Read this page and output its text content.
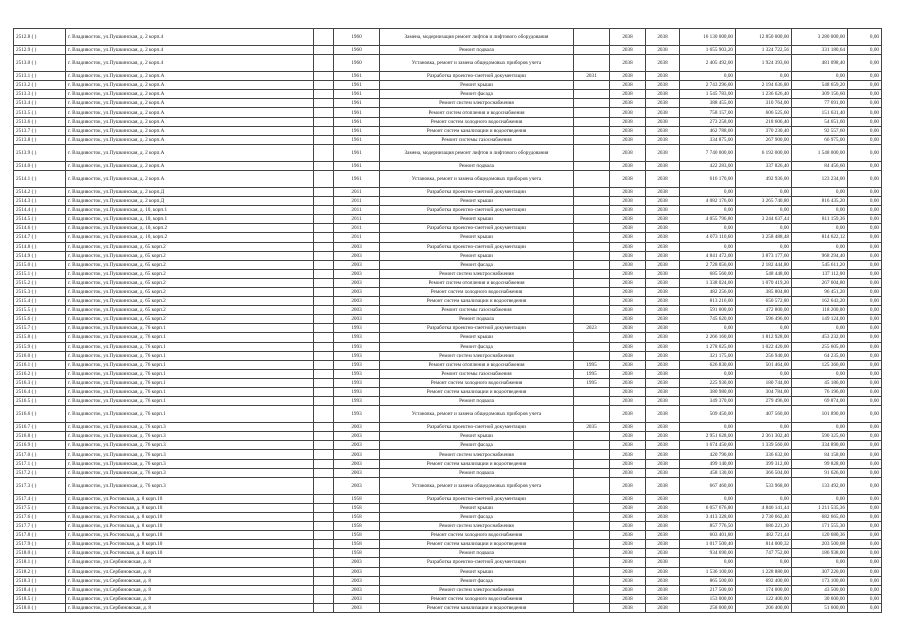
2512.8 ( )	г. Владивосток, ул.Пушкинская, д. 2 корп.4		1960	Замена, модернизация ремонт лифтов и лифтового оборудования		2038	2038	16 130 000,00	12 850 000,00	3 280 000,00	0,00
2512.9 ( )	г. Владивосток, ул.Пушкинская, д. 2 корп.4		1960	Ремонт подвала		2038	2038	1 655 903,20	1 324 722,56	331 180,64	0,00
2513.0 ( )	г. Владивосток, ул.Пушкинская, д. 2 корп.4		1960	Установка, ремонт и замена общедомовых приборов учета		2038	2038	2 405 492,00	1 924 393,60	481 098,40	0,00
2513.1 ( )	г. Владивосток, ул.Пушкинская, д. 2 корп.А		1961	Разработка проектно-сметной документации	2031	2038	2038	0,00	0,00	0,00	0,00
2513.2 ( )	г. Владивосток, ул.Пушкинская, д. 2 корп.А		1961	Ремонт крыши		2038	2038	2 743 296,00	2 194 636,80	548 659,20	0,00
2513.3 ( )	г. Владивосток, ул.Пушкинская, д. 2 корп.А		1961	Ремонт фасада		2038	2038	1 545 783,00	1 236 626,40	309 156,60	0,00
2513.4 ( )	г. Владивосток, ул.Пушкинская, д. 2 корп.А		1961	Ремонт систем электроснабжения		2038	2038	388 455,00	310 764,00	77 691,00	0,00
2513.5 ( )	г. Владивосток, ул.Пушкинская, д. 2 корп.А		1961	Ремонт систем отопления и водоснабжения		2038	2038	758 157,00	606 525,60	151 631,40	0,00
2513.6 ( )	г. Владивосток, ул.Пушкинская, д. 2 корп.А		1961	Ремонт систем холодного водоснабжения		2038	2038	273 258,00	218 606,40	54 651,60	0,00
2513.7 ( )	г. Владивосток, ул.Пушкинская, д. 2 корп.А		1961	Ремонт систем канализации и водоотведения		2038	2038	462 788,00	370 230,40	92 557,60	0,00
2513.8 ( )	г. Владивосток, ул.Пушкинская, д. 2 корп.А		1961	Ремонт системы газоснабжения		2038	2038	334 875,00	267 900,00	66 975,00	0,00
2513.9 ( )	г. Владивосток, ул.Пушкинская, д. 2 корп.А		1961	Замена, модернизация ремонт лифтов и лифтового оборудования		2038	2038	7 740 000,00	6 192 000,00	1 548 000,00	0,00
2514.0 ( )	г. Владивосток, ул.Пушкинская, д. 2 корп.А		1961	Ремонт подвала		2038	2038	422 283,00	337 826,40	84 456,60	0,00
2514.1 ( )	г. Владивосток, ул.Пушкинская, д. 2 корп.А		1961	Установка, ремонт и замена общедомовых приборов учета		2038	2038	616 170,00	492 936,00	123 234,00	0,00
2514.2 ( )	г. Владивосток, ул.Пушкинская, д. 2 корп.Д		2011	Разработка проектно-сметной документации		2038	2038	0,00	0,00	0,00	0,00
2514.3 ( )	г. Владивосток, ул.Пушкинская, д. 2 корп.Д		2011	Ремонт крыши		2038	2038	4 082 176,00	3 265 740,80	816 435,20	0,00
2514.4 ( )	г. Владивосток, ул.Пушкинская, д. 10, корп.1		2011	Разработка проектно-сметной документации		2038	2038	0,00	0,00	0,00	0,00
2514.5 ( )	г. Владивосток, ул.Пушкинская, д. 10, корп.1		2011	Ремонт крыши		2038	2038	4 055 796,80	3 244 637,44	811 159,36	0,00
2514.6 ( )	г. Владивосток, ул.Пушкинская, д. 10, корп.2		2011	Разработка проектно-сметной документации		2038	2038	0,00	0,00	0,00	0,00
2514.7 ( )	г. Владивосток, ул.Пушкинская, д. 10, корп.2		2011	Ремонт крыши		2038	2038	4 073 110,60	3 258 488,48	814 622,12	0,00
2514.8 ( )	г. Владивосток, ул.Пушкинская, д. 65 корп.2		2003	Разработка проектно-сметной документации		2038	2038	0,00	0,00	0,00	0,00
2514.9 ( )	г. Владивосток, ул.Пушкинская, д. 65 корп.2		2003	Ремонт крыши		2038	2038	4 841 472,00	3 873 177,60	968 294,40	0,00
2515.0 ( )	г. Владивосток, ул.Пушкинская, д. 65 корп.2		2003	Ремонт фасада		2038	2038	2 728 056,00	2 182 444,80	545 611,20	0,00
2515.1 ( )	г. Владивосток, ул.Пушкинская, д. 65 корп.2		2003	Ремонт систем электроснабжения		2038	2038	685 560,00	548 448,00	137 112,00	0,00
2515.2 ( )	г. Владивосток, ул.Пушкинская, д. 65 корп.2		2003	Ремонт систем отопления и водоснабжения		2038	2038	1 338 024,00	1 070 419,20	267 604,80	0,00
2515.3 ( )	г. Владивосток, ул.Пушкинская, д. 65 корп.2		2003	Ремонт систем холодного водоснабжения		2038	2038	482 256,00	385 804,80	96 451,20	0,00
2515.4 ( )	г. Владивосток, ул.Пушкинская, д. 65 корп.2		2003	Ремонт систем канализации и водоотведения		2038	2038	813 216,00	650 572,80	162 643,20	0,00
2515.5 ( )	г. Владивосток, ул.Пушкинская, д. 65 корп.2		2003	Ремонт системы газоснабжения		2038	2038	591 000,00	472 800,00	118 200,00	0,00
2515.6 ( )	г. Владивосток, ул.Пушкинская, д. 65 корп.2		2003	Ремонт подвала		2038	2038	745 620,00	596 496,00	149 124,00	0,00
2515.7 ( )	г. Владивосток, ул.Пушкинская, д. 76 корп.1		1993	Разработка проектно-сметной документации	2023	2038	2038	0,00	0,00	0,00	0,00
2515.8 ( )	г. Владивосток, ул.Пушкинская, д. 76 корп.1		1993	Ремонт крыши		2038	2038	2 266 160,00	1 812 928,00	453 232,00	0,00
2515.9 ( )	г. Владивосток, ул.Пушкинская, д. 76 корп.1		1993	Ремонт фасада		2038	2038	1 278 025,00	1 022 420,00	255 605,00	0,00
2516.0 ( )	г. Владивосток, ул.Пушкинская, д. 76 корп.1		1993	Ремонт систем электроснабжения		2038	2038	321 175,00	256 940,00	64 235,00	0,00
2516.1 ( )	г. Владивосток, ул.Пушкинская, д. 76 корп.1		1993	Ремонт систем отопления и водоснабжения	1995	2038	2038	626 830,00	501 464,00	125 366,00	0,00
2516.2 ( )	г. Владивосток, ул.Пушкинская, д. 76 корп.1		1993	Ремонт системы газоснабжения	1995	2038	2038	0,00	0,00	0,00	0,00
2516.3 ( )	г. Владивосток, ул.Пушкинская, д. 76 корп.1		1993	Ремонт систем холодного водоснабжения	1995	2038	2038	225 930,00	180 744,00	45 186,00	0,00
2516.4 ( )	г. Владивосток, ул.Пушкинская, д. 76 корп.1		1993	Ремонт систем канализации и водоотведения		2038	2038	380 980,00	304 784,00	76 196,00	0,00
2516.5 ( )	г. Владивосток, ул.Пушкинская, д. 76 корп.1		1993	Ремонт подвала		2038	2038	349 370,00	279 496,00	69 874,00	0,00
2516.6 ( )	г. Владивосток, ул.Пушкинская, д. 76 корп.1		1993	Установка, ремонт и замена общедомовых приборов учета		2038	2038	509 450,00	407 560,00	101 890,00	0,00
2516.7 ( )	г. Владивосток, ул.Пушкинская, д. 76 корп.3		2003	Разработка проектно-сметной документации	2035	2038	2038	0,00	0,00	0,00	0,00
2516.8 ( )	г. Владивосток, ул.Пушкинская, д. 76 корп.3		2003	Ремонт крыши		2038	2038	2 951 628,00	2 361 302,40	590 325,60	0,00
2516.9 ( )	г. Владивосток, ул.Пушкинская, д. 76 корп.3		2003	Ремонт фасада		2038	2038	1 674 450,00	1 339 560,00	334 890,00	0,00
2517.0 ( )	г. Владивосток, ул.Пушкинская, д. 76 корп.3		2003	Ремонт систем электроснабжения		2038	2038	420 790,00	336 632,00	84 158,00	0,00
2517.1 ( )	г. Владивосток, ул.Пушкинская, д. 76 корп.3		2003	Ремонт систем канализации и водоотведения		2038	2038	499 140,00	399 312,00	99 828,00	0,00
2517.2 ( )	г. Владивосток, ул.Пушкинская, д. 76 корп.3		2003	Ремонт подвала		2038	2038	458 130,00	366 504,00	91 626,00	0,00
2517.3 ( )	г. Владивосток, ул.Пушкинская, д. 76 корп.3		2003	Установка, ремонт и замена общедомовых приборов учета		2038	2038	667 460,00	533 968,00	133 492,00	0,00
2517.4 ( )	г. Владивосток, ул.Ростовская, д. 8 корп.10		1958	Разработка проектно-сметной документации		2038	2038	0,00	0,00	0,00	0,00
2517.5 ( )	г. Владивосток, ул.Ростовская, д. 8 корп.10		1958	Ремонт крыши		2038	2038	6 057 676,80	4 846 141,44	1 211 535,36	0,00
2517.6 ( )	г. Владивосток, ул.Ростовская, д. 8 корп.10		1958	Ремонт фасада		2038	2038	3 413 328,00	2 730 662,40	682 665,60	0,00
2517.7 ( )	г. Владивосток, ул.Ростовская, д. 8 корп.10		1958	Ремонт систем электроснабжения		2038	2038	857 776,50	686 221,20	171 555,30	0,00
2517.8 ( )	г. Владивосток, ул.Ростовская, д. 8 корп.10		1958	Ремонт систем холодного водоснабжения		2038	2038	603 401,80	482 721,44	120 680,36	0,00
2517.9 ( )	г. Владивосток, ул.Ростовская, д. 8 корп.10		1958	Ремонт систем канализации и водоотведения		2038	2038	1 017 500,40	814 000,32	203 500,08	0,00
2518.0 ( )	г. Владивосток, ул.Ростовская, д. 8 корп.10		1958	Ремонт подвала		2038	2038	934 690,00	747 752,00	186 938,00	0,00
2518.1 ( )	г. Владивосток, ул.Сербиновская, д. 8		2003	Разработка проектно-сметной документации		2038	2038	0,00	0,00	0,00	0,00
2518.2 ( )	г. Владивосток, ул.Сербиновская, д. 8		2003	Ремонт крыши		2038	2038	1 536 100,00	1 228 880,00	307 220,00	0,00
2518.3 ( )	г. Владивосток, ул.Сербиновская, д. 8		2003	Ремонт фасада		2038	2038	865 500,00	692 400,00	173 100,00	0,00
2518.4 ( )	г. Владивосток, ул.Сербиновская, д. 8		2003	Ремонт систем электроснабжения		2038	2038	217 500,00	174 000,00	43 500,00	0,00
2518.5 ( )	г. Владивосток, ул.Сербиновская, д. 8		2003	Ремонт систем холодного водоснабжения		2038	2038	153 000,00	122 400,00	30 600,00	0,00
2518.6 ( )	г. Владивосток, ул.Сербиновская, д. 8		2003	Ремонт систем канализации и водоотведения		2038	2038	258 000,00	206 400,00	51 600,00	0,00
